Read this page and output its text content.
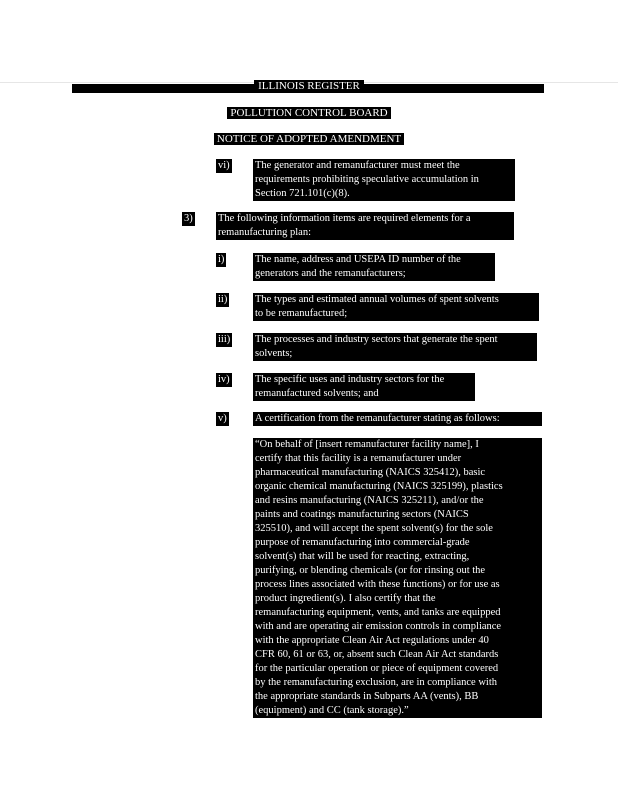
ILLINOIS REGISTER
POLLUTION CONTROL BOARD
NOTICE OF ADOPTED AMENDMENT
vi) The generator and remanufacturer must meet the
requirements prohibiting speculative accumulation in
Section 721.101(c)(8).
3) The following information items are required elements for a
remanufacturing plan:
i)	The name, address and USEPA ID number of the
generators and the remanufacturers;
ii)	The types and estimated annual volumes of spent solvents
to be remanufactured;
iii) The processes and industry sectors that generate the spent
solvents;
iv) The specific uses and industry sectors for the
remanufactured solvents; and
v)	A certification from the remanufacturer stating as follows:
“On behalf of [insert remanufacturer facility name], I
certify that this facility is a remanufacturer under
pharmaceutical manufacturing (NAICS 325412), basic
organic chemical manufacturing (NAICS 325199), plastics
and resins manufacturing (NAICS 325211), and/or the
paints and coatings manufacturing sectors (NAICS
325510), and will accept the spent solvent(s) for the sole
purpose of remanufacturing into commercial-grade
solvent(s) that will be used for reacting, extracting,
purifying, or blending chemicals (or for rinsing out the
process lines associated with these functions) or for use as
product ingredient(s). I also certify that the
remanufacturing equipment, vents, and tanks are equipped
with and are operating air emission controls in compliance
with the appropriate Clean Air Act regulations under 40
CFR 60, 61 or 63, or, absent such Clean Air Act standards
for the particular operation or piece of equipment covered
by the remanufacturing exclusion, are in compliance with
the appropriate standards in Subparts AA (vents), BB
(equipment) and CC (tank storage).”
